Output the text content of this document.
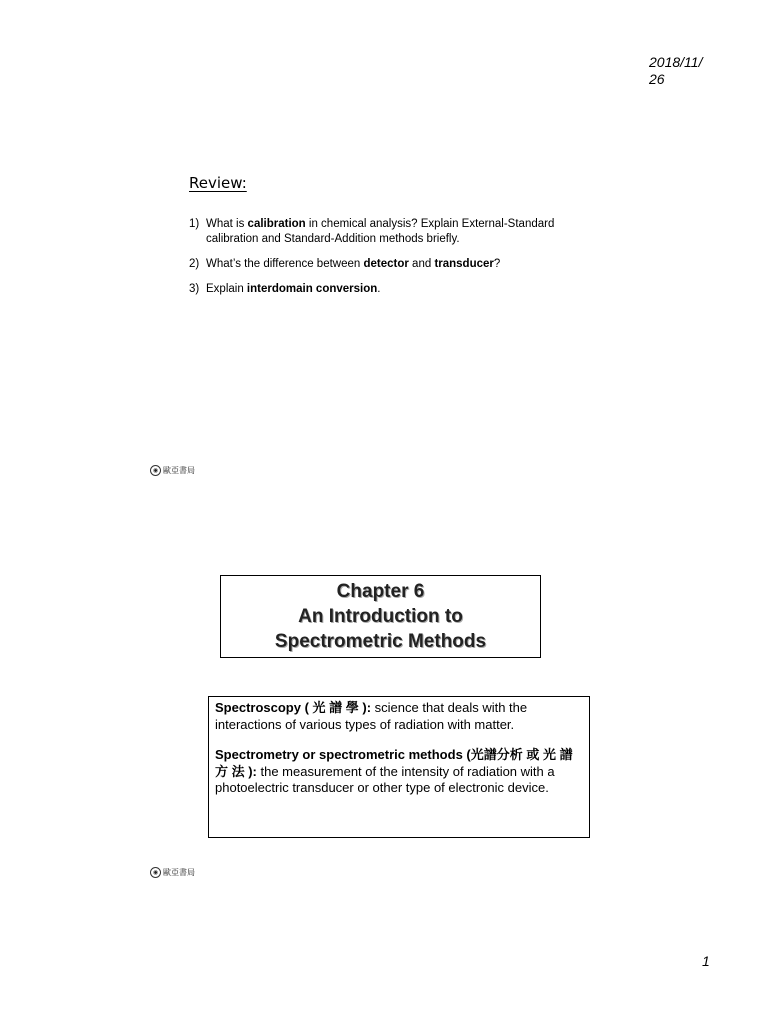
2018/11/26
Review:
1) What is calibration in chemical analysis? Explain External-Standard calibration and Standard-Addition methods briefly.
2) What’s the difference between detector and transducer?
3) Explain interdomain conversion.
◉ 歐亞書局
Chapter 6
An Introduction to
Spectrometric Methods

Spectroscopy ( 光 譜 學 ): science that deals with the interactions of various types of radiation with matter.

Spectrometry or spectrometric methods (光譜分析 或 光 譜 方 法 ): the measurement of the intensity of radiation with a photoelectric transducer or other type of electronic device.

◉ 歐亞書局
1
